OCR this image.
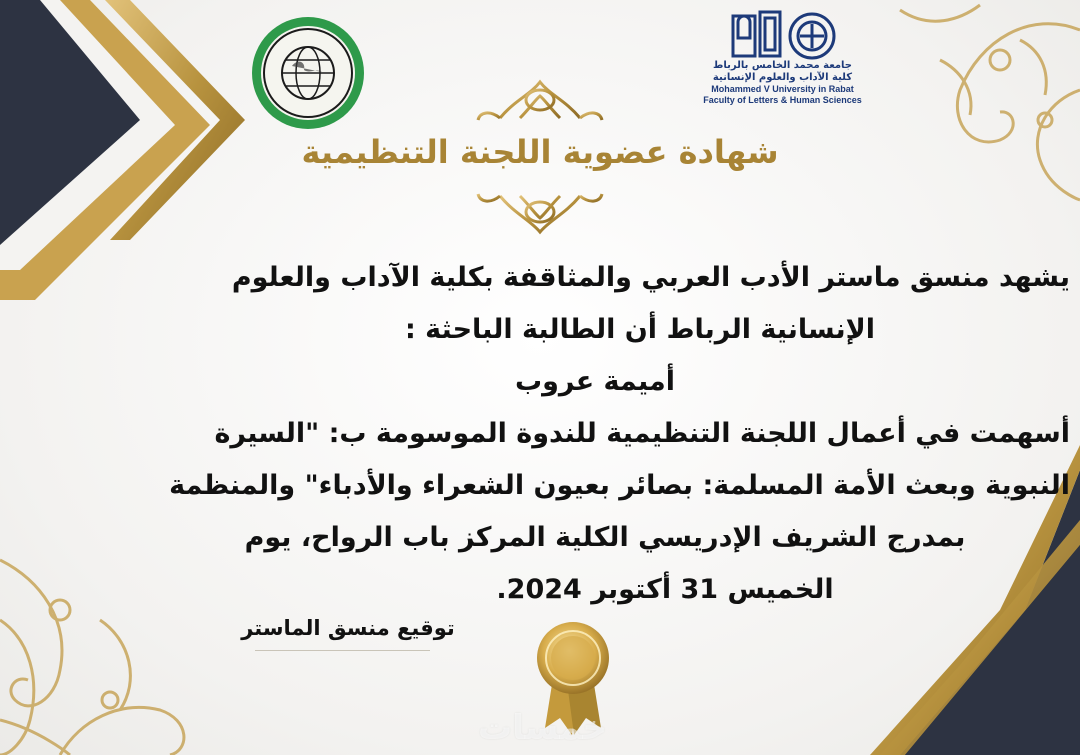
جامعة محمد الخامس بالرباط
كلية الآداب والعلوم الإنسانية
Mohammed V University in Rabat
Faculty of Letters & Human Sciences
شهادة عضوية اللجنة التنظيمية
يشهد منسق ماستر الأدب العربي والمثاقفة بكلية الآداب والعلوم
الإنسانية الرباط أن الطالبة الباحثة :
أميمة عروب
أسهمت في أعمال اللجنة التنظيمية للندوة الموسومة ب: "السيرة
النبوية وبعث الأمة المسلمة: بصائر بعيون الشعراء والأدباء" والمنظمة
بمدرج الشريف الإدريسي الكلية المركز باب الرواح، يوم
الخميس 31 أكتوبر 2024.
توقيع منسق الماستر
خمسات
